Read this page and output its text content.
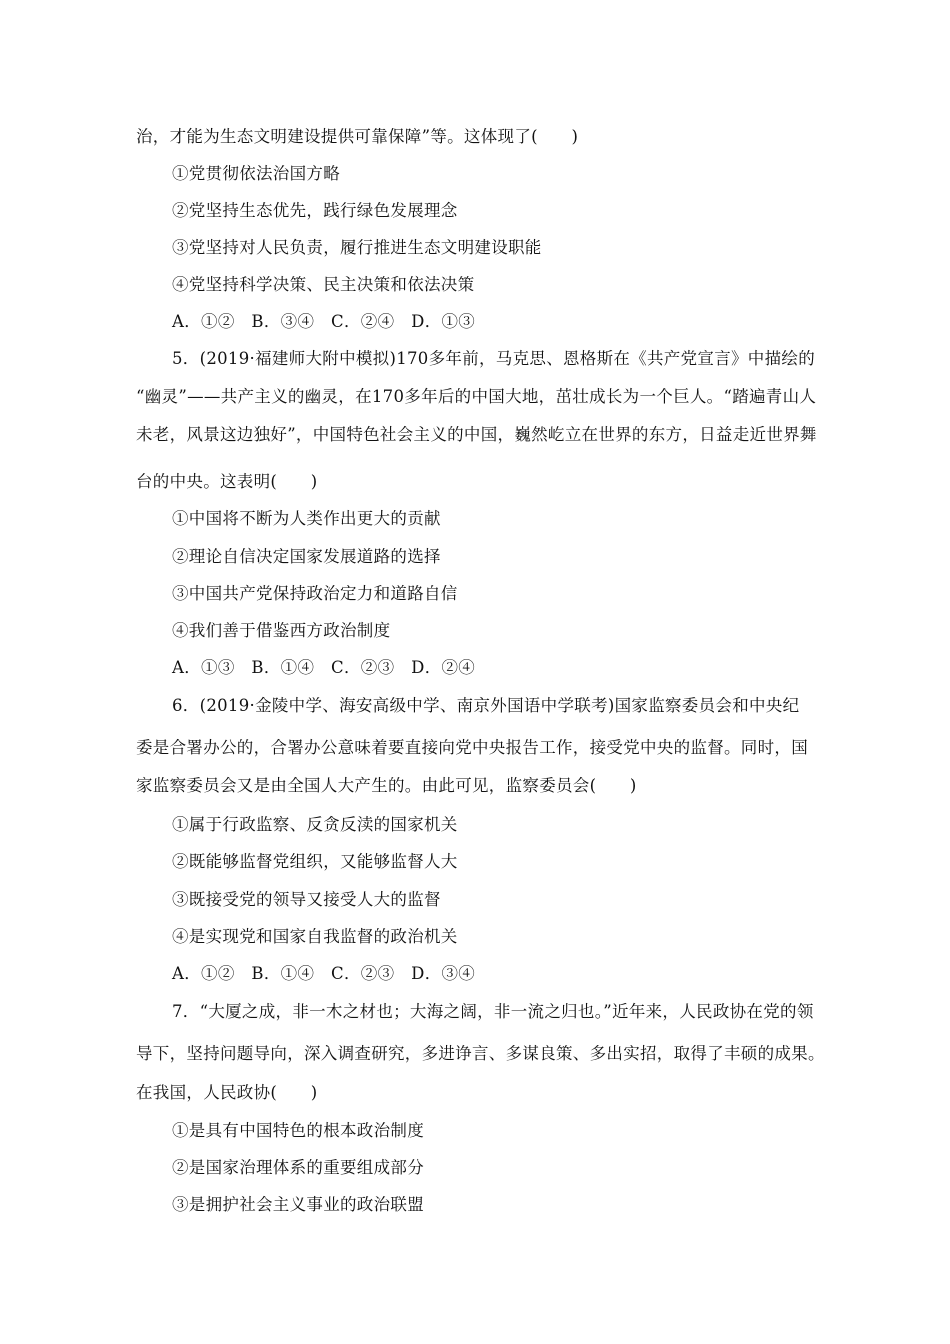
治，才能为生态文明建设提供可靠保障”等。这体现了(　　)
①党贯彻依法治国方略
②党坚持生态优先，践行绿色发展理念
③党坚持对人民负责，履行推进生态文明建设职能
④党坚持科学决策、民主决策和依法决策
A．①②　B．③④　C．②④　D．①③
5．(2019·福建师大附中模拟)170多年前，马克思、恩格斯在《共产党宣言》中描绘的
“幽灵”——共产主义的幽灵，在170多年后的中国大地，茁壮成长为一个巨人。“踏遍青山人
未老，风景这边独好”，中国特色社会主义的中国，巍然屹立在世界的东方，日益走近世界舞
台的中央。这表明(　　)
①中国将不断为人类作出更大的贡献
②理论自信决定国家发展道路的选择
③中国共产党保持政治定力和道路自信
④我们善于借鉴西方政治制度
A．①③　B．①④　C．②③　D．②④
6．(2019·金陵中学、海安高级中学、南京外国语中学联考)国家监察委员会和中央纪
委是合署办公的，合署办公意味着要直接向党中央报告工作，接受党中央的监督。同时，国
家监察委员会又是由全国人大产生的。由此可见，监察委员会(　　)
①属于行政监察、反贪反渎的国家机关
②既能够监督党组织，又能够监督人大
③既接受党的领导又接受人大的监督
④是实现党和国家自我监督的政治机关
A．①②　B．①④　C．②③　D．③④
7．“大厦之成，非一木之材也；大海之阔，非一流之归也。”近年来，人民政协在党的领
导下，坚持问题导向，深入调查研究，多进诤言、多谋良策、多出实招，取得了丰硕的成果。
在我国，人民政协(　　)
①是具有中国特色的根本政治制度
②是国家治理体系的重要组成部分
③是拥护社会主义事业的政治联盟
